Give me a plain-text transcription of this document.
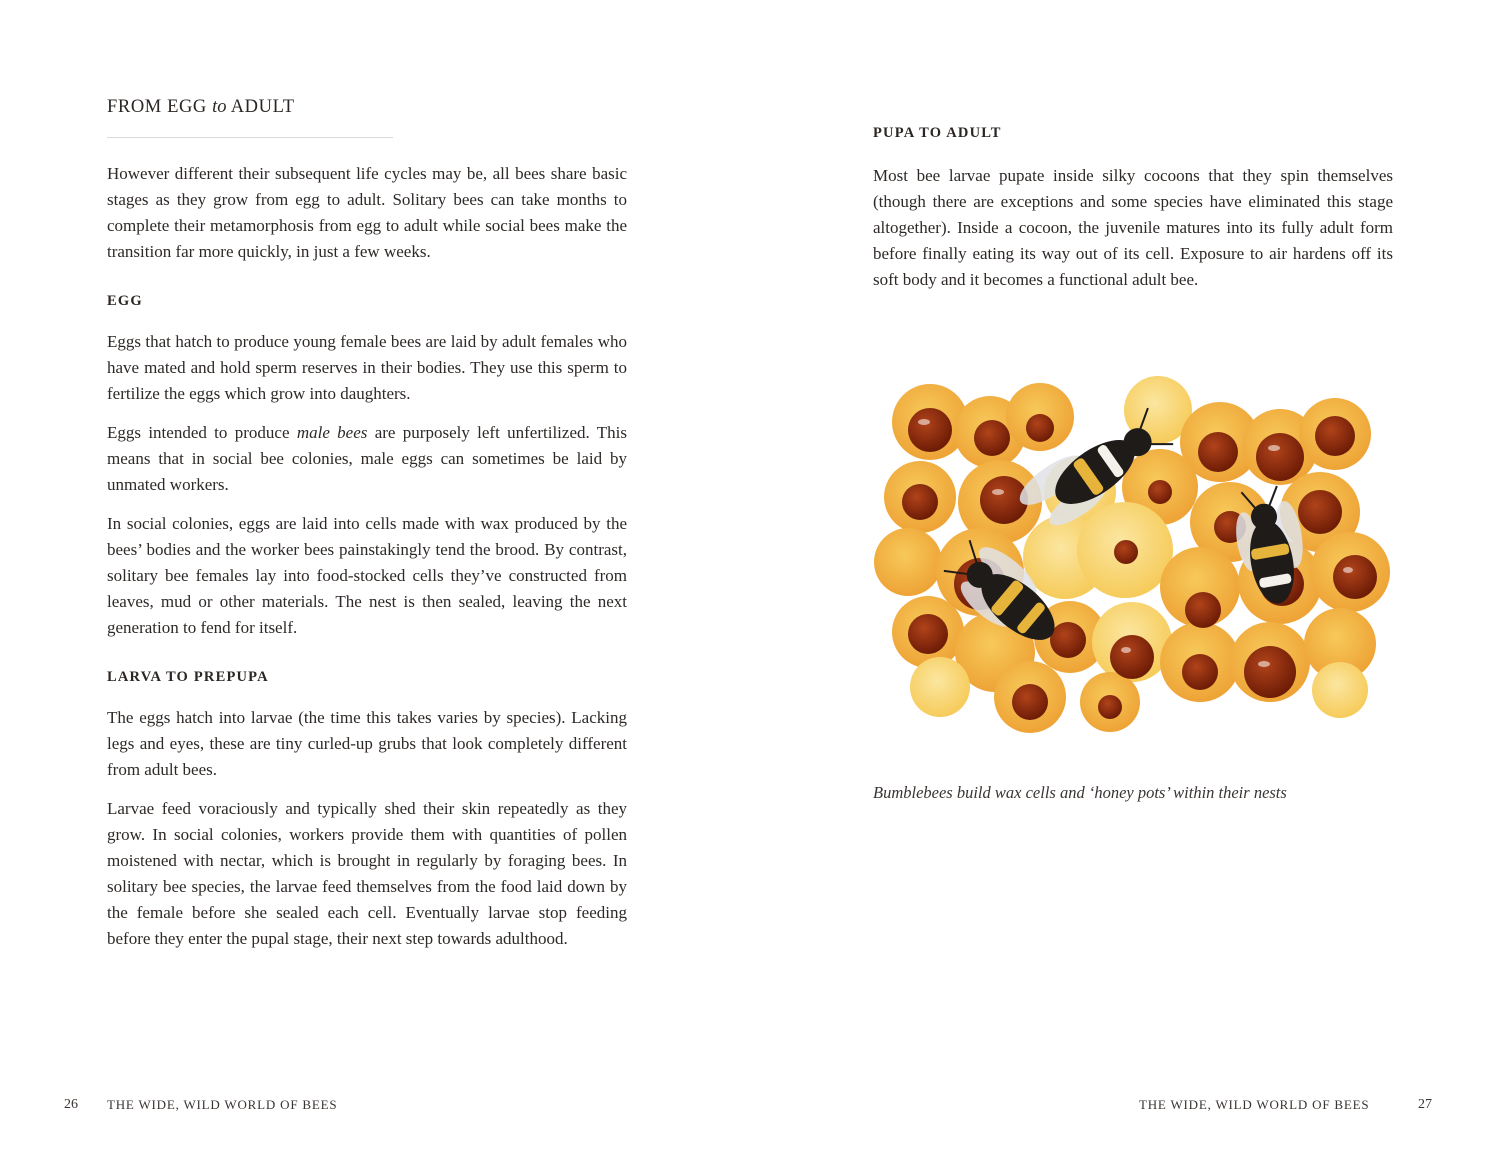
FROM EGG to ADULT

However different their subsequent life cycles may be, all bees share basic stages as they grow from egg to adult. Solitary bees can take months to complete their metamorphosis from egg to adult while social bees make the transition far more quickly, in just a few weeks.

EGG

Eggs that hatch to produce young female bees are laid by adult females who have mated and hold sperm reserves in their bodies. They use this sperm to fertilize the eggs which grow into daughters.

Eggs intended to produce male bees are purposely left unfertilized. This means that in social bee colonies, male eggs can sometimes be laid by unmated workers.

In social colonies, eggs are laid into cells made with wax produced by the bees’ bodies and the worker bees painstakingly tend the brood. By contrast, solitary bee females lay into food-stocked cells they’ve constructed from leaves, mud or other materials. The nest is then sealed, leaving the next generation to fend for itself.

LARVA TO PREPUPA

The eggs hatch into larvae (the time this takes varies by species). Lacking legs and eyes, these are tiny curled-up grubs that look completely different from adult bees.

Larvae feed voraciously and typically shed their skin repeatedly as they grow. In social colonies, workers provide them with quantities of pollen moistened with nectar, which is brought in regularly by foraging bees. In solitary bee species, the larvae feed themselves from the food laid down by the female before she sealed each cell. Eventually larvae stop feeding before they enter the pupal stage, their next step towards adulthood.

PUPA TO ADULT

Most bee larvae pupate inside silky cocoons that they spin themselves (though there are exceptions and some species have eliminated this stage altogether). Inside a cocoon, the juvenile matures into its fully adult form before finally eating its way out of its cell. Exposure to air hardens off its soft body and it becomes a functional adult bee.

Bumblebees build wax cells and ‘honey pots’ within their nests
26 THE WIDE, WILD WORLD OF BEES	THE WIDE, WILD WORLD OF BEES	27
